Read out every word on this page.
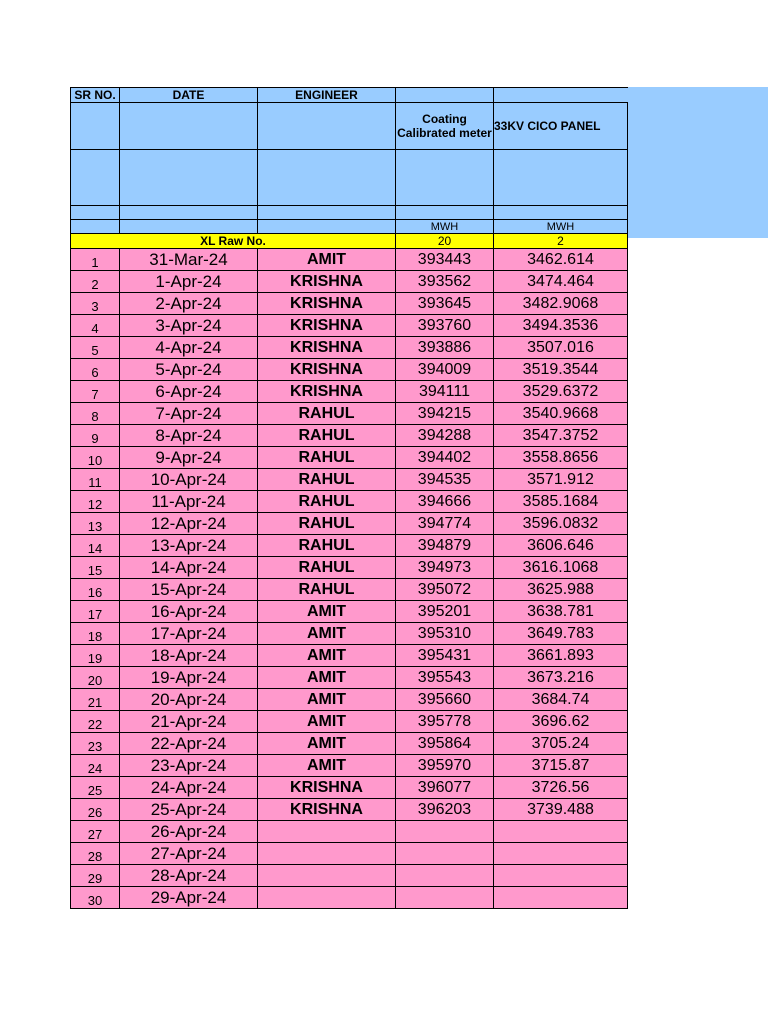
SR NO.	DATE	ENGINEER		
			Coating Calibrated meter	33KV CICO PANEL

			MWH	MWH
XL Raw No.			20	2
1	31-Mar-24	AMIT	393443	3462.614
2	1-Apr-24	KRISHNA	393562	3474.464
3	2-Apr-24	KRISHNA	393645	3482.9068
4	3-Apr-24	KRISHNA	393760	3494.3536
5	4-Apr-24	KRISHNA	393886	3507.016
6	5-Apr-24	KRISHNA	394009	3519.3544
7	6-Apr-24	KRISHNA	394111	3529.6372
8	7-Apr-24	RAHUL	394215	3540.9668
9	8-Apr-24	RAHUL	394288	3547.3752
10	9-Apr-24	RAHUL	394402	3558.8656
11	10-Apr-24	RAHUL	394535	3571.912
12	11-Apr-24	RAHUL	394666	3585.1684
13	12-Apr-24	RAHUL	394774	3596.0832
14	13-Apr-24	RAHUL	394879	3606.646
15	14-Apr-24	RAHUL	394973	3616.1068
16	15-Apr-24	RAHUL	395072	3625.988
17	16-Apr-24	AMIT	395201	3638.781
18	17-Apr-24	AMIT	395310	3649.783
19	18-Apr-24	AMIT	395431	3661.893
20	19-Apr-24	AMIT	395543	3673.216
21	20-Apr-24	AMIT	395660	3684.74
22	21-Apr-24	AMIT	395778	3696.62
23	22-Apr-24	AMIT	395864	3705.24
24	23-Apr-24	AMIT	395970	3715.87
25	24-Apr-24	KRISHNA	396077	3726.56
26	25-Apr-24	KRISHNA	396203	3739.488
27	26-Apr-24			
28	27-Apr-24			
29	28-Apr-24			
30	29-Apr-24			
